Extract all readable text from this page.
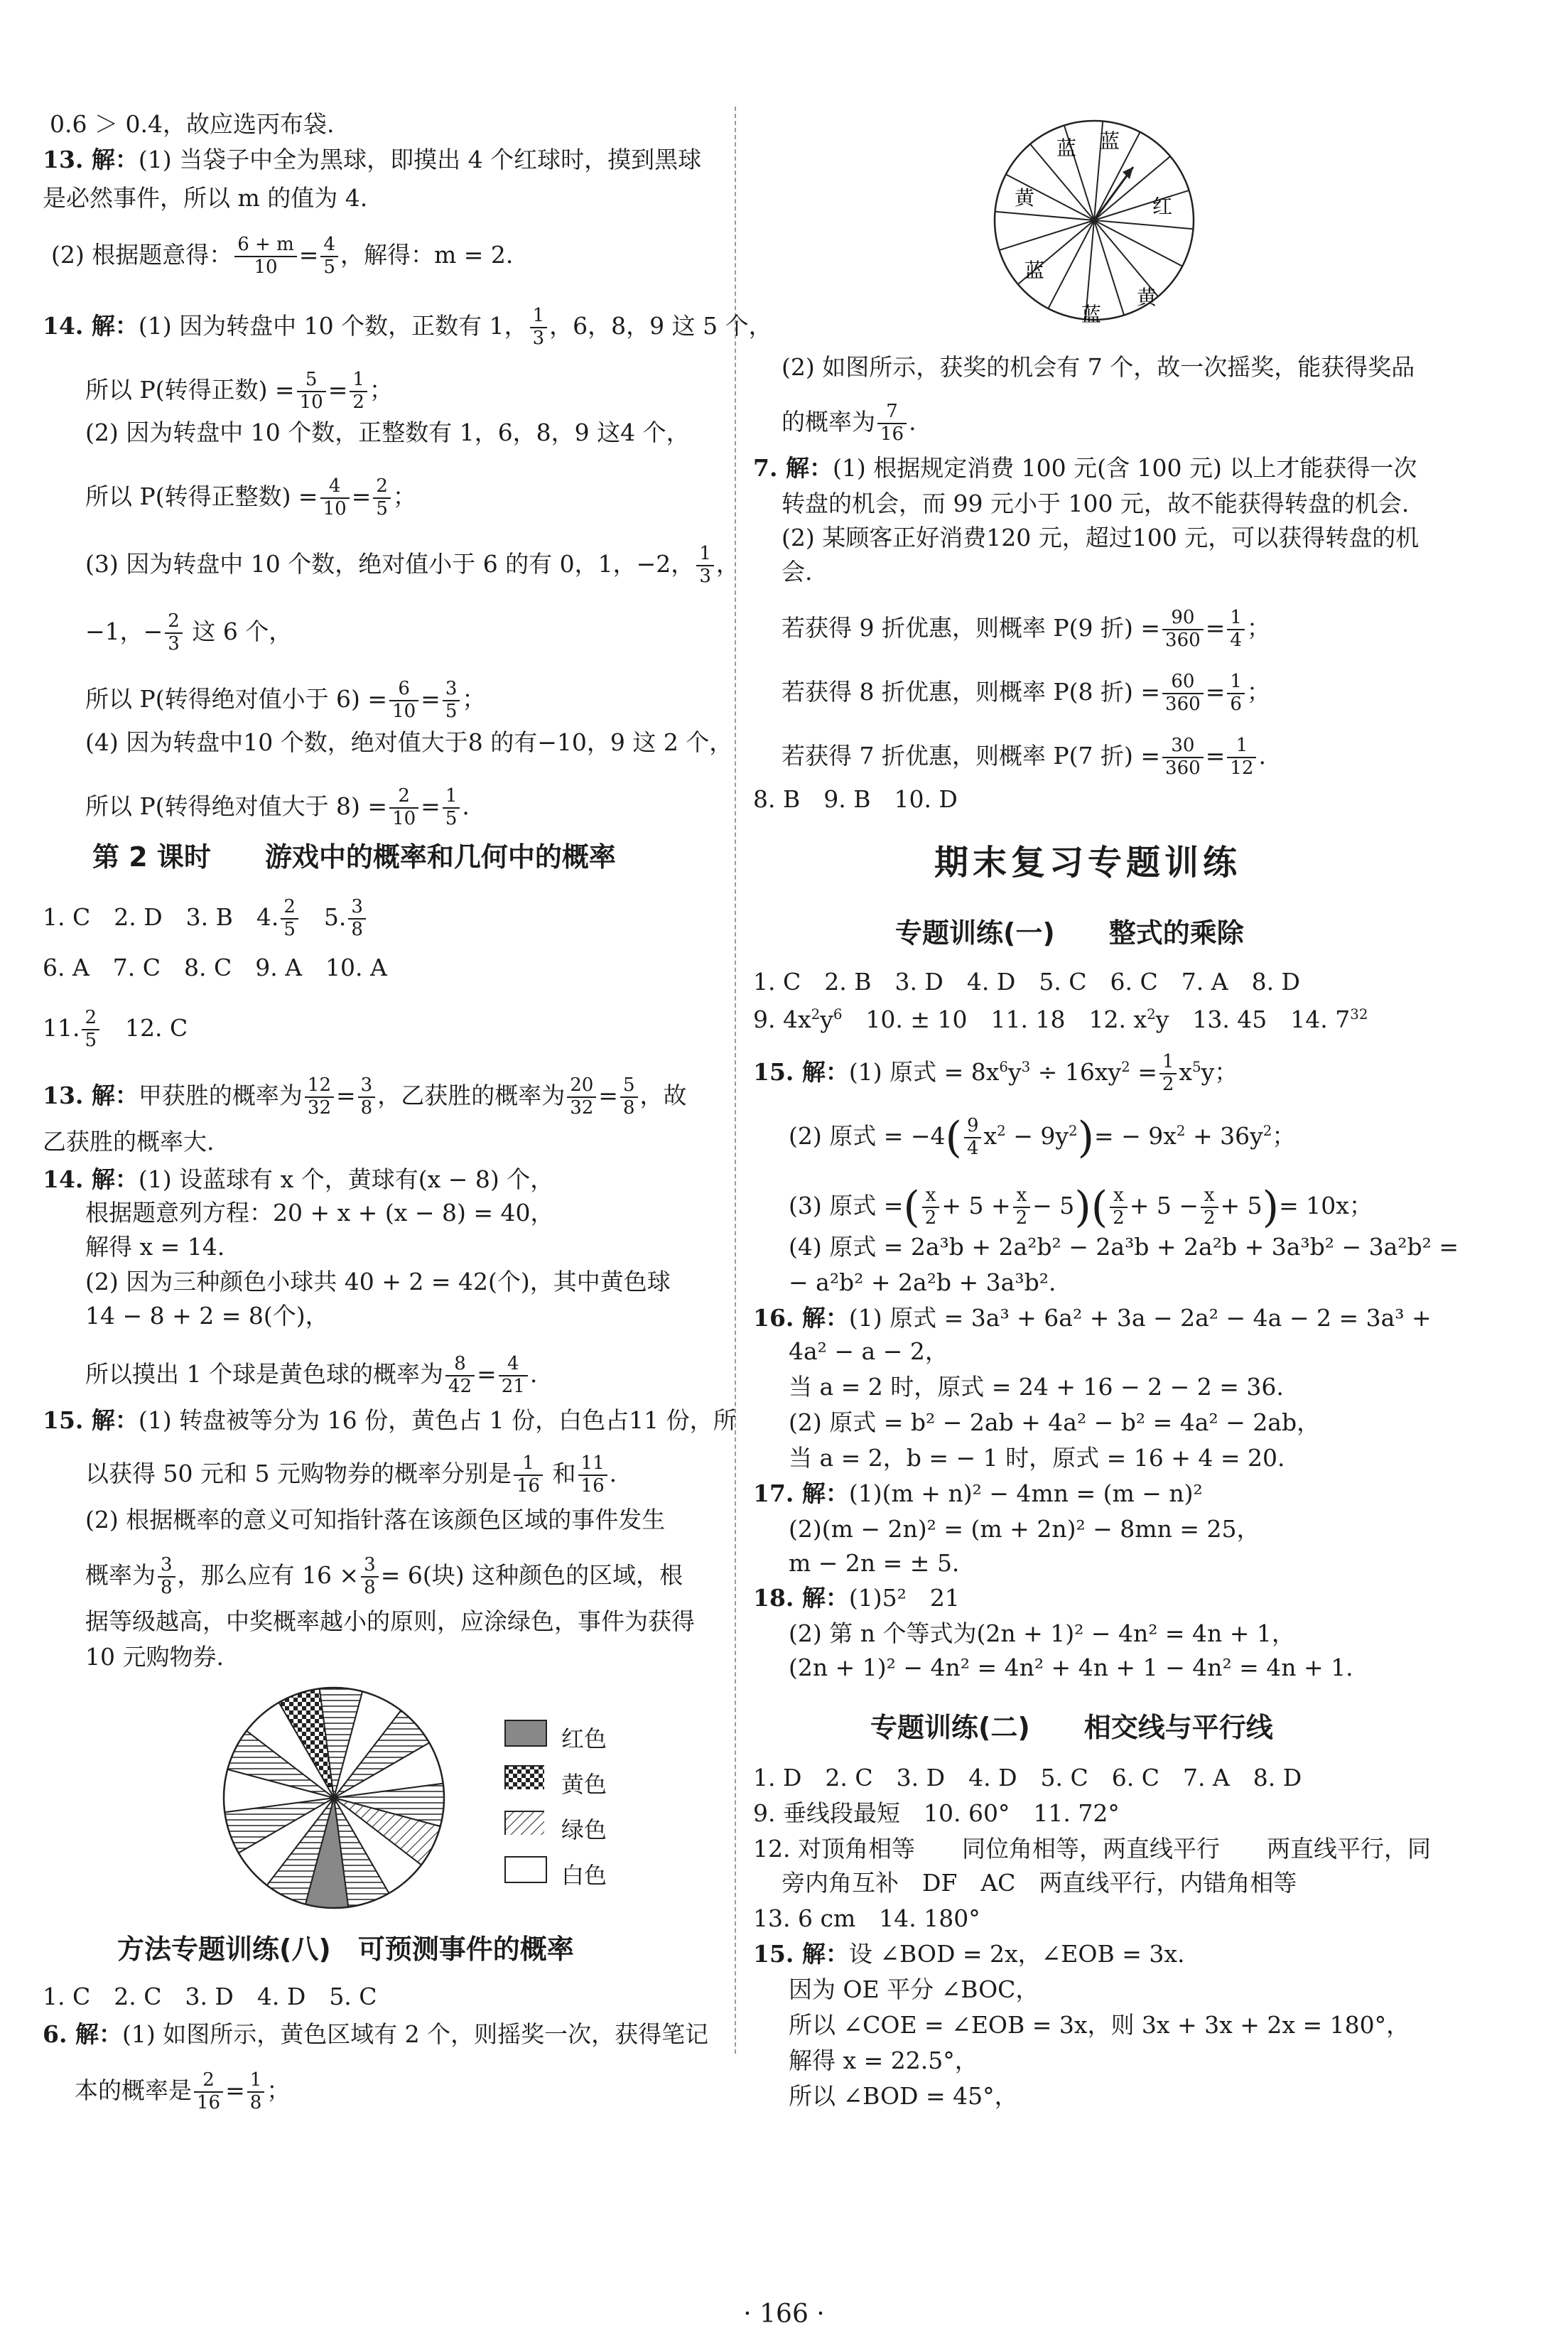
0.6 ＞ 0.4，故应选丙布袋.
13. 解：(1) 当袋子中全为黑球，即摸出 4 个红球时，摸到黑球
是必然事件，所以 m 的值为 4.
(2) 根据题意得： $\frac{6 + m}{10} = \frac{4}{5}$ ，解得：m = 2.
14. 解：(1) 因为转盘中 10 个数，正数有 1， $\frac{1}{3}$ ，6，8，9 这 5 个，
所以 P(转得正数) = $\frac{5}{10} = \frac{1}{2}$ ；
(2) 因为转盘中 10 个数，正整数有 1，6，8，9 这4 个，
所以 P(转得正整数) = $\frac{4}{10} = \frac{2}{5}$ ；
(3) 因为转盘中 10 个数，绝对值小于 6 的有 0，1，−2， $\frac{1}{3}$ ，
−1，− $\frac{2}{3}$ 这 6 个，
所以 P(转得绝对值小于 $6) = \frac{6}{10} = \frac{3}{5}$ ；
(4) 因为转盘中10 个数，绝对值大于8 的有−10，9 这 2 个，
所以 P(转得绝对值大于 $8) = \frac{2}{10} = \frac{1}{5}$ .
第 2 课时　　游戏中的概率和几何中的概率
1. C　2. D　3. B　4. $\frac{2}{5}$ 　5. $\frac{3}{8}$
6. A　7. C　8. C　9. A　10. A
11. $\frac{2}{5}$ 　12. C
13. 解：甲获胜的概率为 $\frac{12}{32} = \frac{3}{8}$ ，乙获胜的概率为 $\frac{20}{32} = \frac{5}{8}$ ，故
乙获胜的概率大.
14. 解：(1) 设蓝球有 x 个，黄球有(x − 8) 个，
根据题意列方程：20 + x + (x − 8) = 40，
解得 x = 14.
(2) 因为三种颜色小球共 40 + 2 = 42(个)，其中黄色球
14 − 8 + 2 = 8(个)，
所以摸出 1 个球是黄色球的概率为 $\frac{8}{42} = \frac{4}{21}$ .
15. 解：(1) 转盘被等分为 16 份，黄色占 1 份，白色占11 份，所
以获得 50 元和 5 元购物券的概率分别是 $\frac{1}{16}$ 和 $\frac{11}{16}$ .
(2) 根据概率的意义可知指针落在该颜色区域的事件发生
概率为 $\frac{3}{8}$ ，那么应有 $16 \times \frac{3}{8} = 6$(块) 这种颜色的区域，根
据等级越高，中奖概率越小的原则，应涂绿色，事件为获得
10 元购物券.
红色
黄色
绿色
白色
方法专题训练(八)　可预测事件的概率
1. C　2. C　3. D　4. D　5. C
6. 解：(1) 如图所示，黄色区域有 2 个，则摇奖一次，获得笔记
本的概率是 $\frac{2}{16} = \frac{1}{8}$ ；
蓝 蓝
黄	红
蓝
黄
蓝
(2) 如图所示，获奖的机会有 7 个，故一次摇奖，能获得奖品
的概率为 $\frac{7}{16}$ .
7. 解：(1) 根据规定消费 100 元(含 100 元) 以上才能获得一次
转盘的机会，而 99 元小于 100 元，故不能获得转盘的机会.
(2) 某顾客正好消费120 元，超过100 元，可以获得转盘的机
会.
若获得 9 折优惠，则概率 P(9 折) = $\frac{90}{360} = \frac{1}{4}$ ；
若获得 8 折优惠，则概率 P(8 折) = $\frac{60}{360} = \frac{1}{6}$ ；
若获得 7 折优惠，则概率 P(7 折) = $\frac{30}{360} = \frac{1}{12}$ .
8. B　9. B　10. D
期末复习专题训练
专题训练(一)　　整式的乘除
1. C　2. B　3. D　4. D　5. C　6. C　7. A　8. D
9. $4x^2y^6$　10. ± 10　11. 18　12. $x^2y$　13. 45　14. $7^{32}$
15. 解：(1) 原式 = $8x^6y^3 \div 16xy^2 = \frac{1}{2} x^5y$；
(2) 原式 = $-4( \frac{9}{4} x^2 - 9y^2)= - 9x^2 + 36y^2$；
(3) 原式 =( $\frac{x}{2} + 5 + \frac{x}{2} - 5)( \frac{x}{2} + 5 - \frac{x}{2} + 5)= 10x$；
(4) 原式 = 2a³b + 2a²b² − 2a³b + 2a²b + 3a³b² − 3a²b² =
− a²b² + 2a²b + 3a³b².
16. 解：(1) 原式 = 3a³ + 6a² + 3a − 2a² − 4a − 2 = 3a³ +
4a² − a − 2，
当 a = 2 时，原式 = 24 + 16 − 2 − 2 = 36.
(2) 原式 = b² − 2ab + 4a² − b² = 4a² − 2ab，
当 a = 2，b = − 1 时，原式 = 16 + 4 = 20.
17. 解：(1)(m + n)² − 4mn = (m − n)²
(2)(m − 2n)² = (m + 2n)² − 8mn = 25，
m − 2n = ± 5.
18. 解：(1)5²　21
(2) 第 n 个等式为(2n + 1)² − 4n² = 4n + 1，
(2n + 1)² − 4n² = 4n² + 4n + 1 − 4n² = 4n + 1.
专题训练(二)　　相交线与平行线
1. D　2. C　3. D　4. D　5. C　6. C　7. A　8. D
9. 垂线段最短　10. 60°　11. 72°
12. 对顶角相等　　同位角相等，两直线平行　　两直线平行，同
旁内角互补　DF　AC　两直线平行，内错角相等
13. 6 cm　14. 180°
15. 解：设 ∠BOD = 2x，∠EOB = 3x.
因为 OE 平分 ∠BOC，
所以 ∠COE = ∠EOB = 3x，则 3x + 3x + 2x = 180°，
解得 x = 22.5°，
所以 ∠BOD = 45°，
· 166 ·
